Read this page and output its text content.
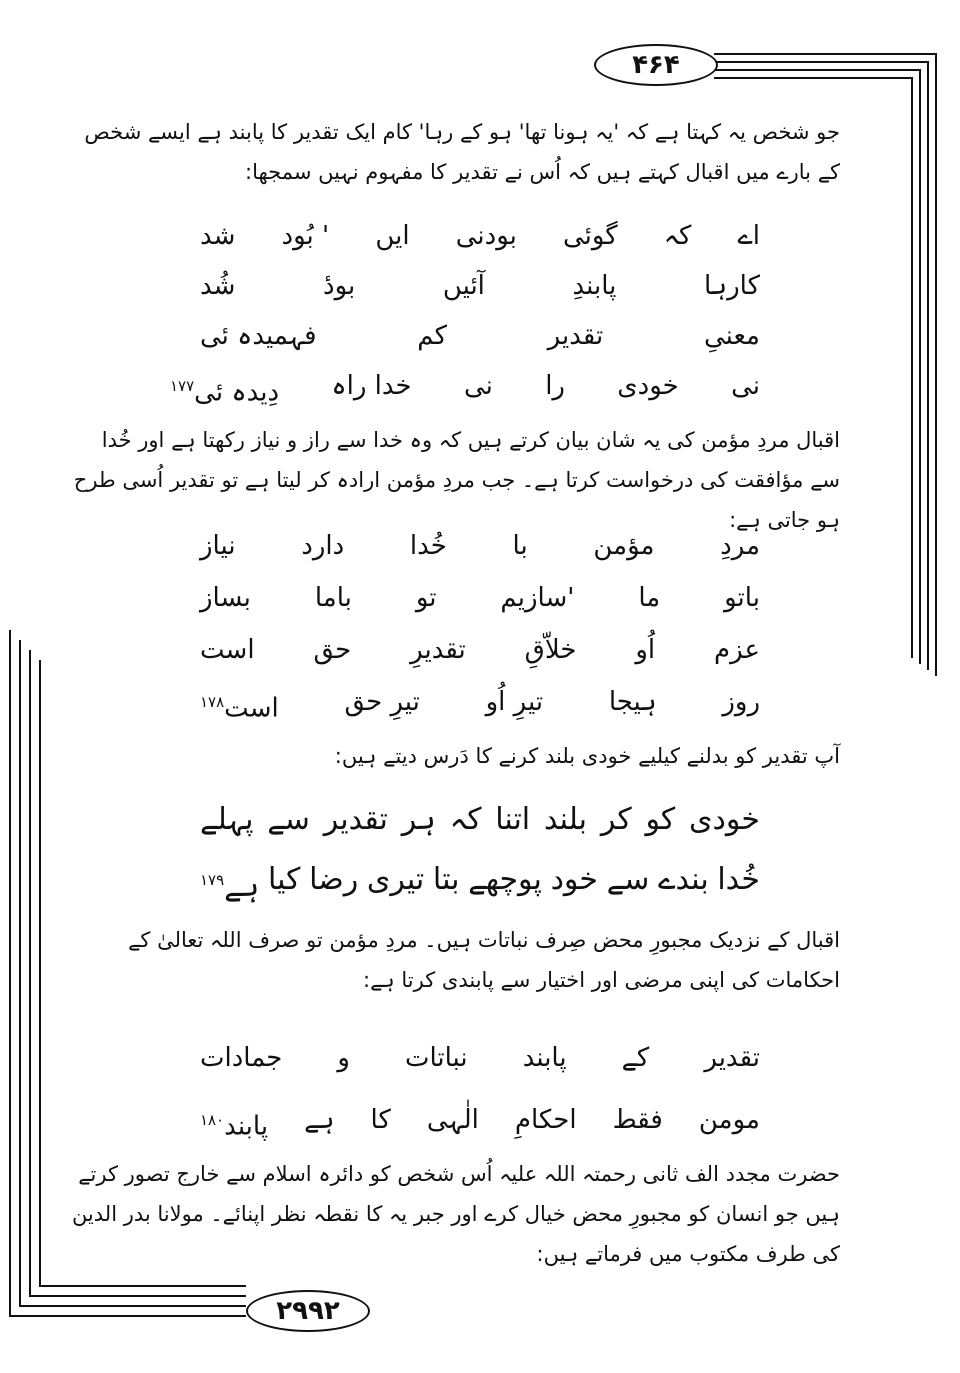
۴۶۴
۲۹۹۲
جو شخص یہ کہتا ہے کہ 'یہ ہونا تھا' ہو کے رہا' کام ایک تقدیر کا پابند ہے ایسے شخص کے بارے میں اقبال کہتے ہیں کہ اُس نے تقدیر کا مفہوم نہیں سمجھا:
اے
کہ
گوئی
بودنی
ایں
بُود '
شد
کارہا
پابندِ
آئیں
بودٔ
شُد
معنیِ
تقدیر
کم
فہمیدہ ئی
نی
خودی
را
نی
خدا راہ
دِیدہ ئی$^{۱۷۷}$
اقبال مردِ مؤمن کی یہ شان بیان کرتے ہیں کہ وہ خدا سے راز و نیاز رکھتا ہے اور خُدا سے مؤافقت کی درخواست کرتا ہے۔ جب مردِ مؤمن ارادہ کر لیتا ہے تو تقدیر اُسی طرح ہو جاتی ہے:
مردِ
مؤمن
با
خُدا
دارد
نیاز
باتو
ما
سازیم'
تو
باما
بساز
عزم
اُو
خلاّقِ
تقدیرِ
حق
است
روز
ہیجا
تیرِ اُو
تیرِ حق
است$^{۱۷۸}$
آپ تقدیر کو بدلنے کیلیے خودی بلند کرنے کا دَرس دیتے ہیں:
خودی
کو
کر
بلند
اتنا
کہ
ہر
تقدیر
سے
پہلے
خُدا
بندے
سے
خود
پوچھے
بتا
تیری
رضا
کیا
ہے$^{۱۷۹}$
اقبال کے نزدیک مجبورِ محض صِرف نباتات ہیں۔ مردِ مؤمن تو صرف اللہ تعالیٰ کے احکامات کی اپنی مرضی اور اختیار سے پابندی کرتا ہے:
تقدیر
کے
پابند
نباتات
و
جمادات
مومن
فقط
احکامِ
الٰہی
کا
ہے
پابند$^{۱۸۰}$
حضرت مجدد الف ثانی رحمتہ اللہ علیہ اُس شخص کو دائرہ اسلام سے خارج تصور کرتے ہیں جو انسان کو مجبورِ محض خیال کرے اور جبر یہ کا نقطہ نظر اپنائے۔ مولانا بدر الدین کی طرف مکتوب میں فرماتے ہیں:
